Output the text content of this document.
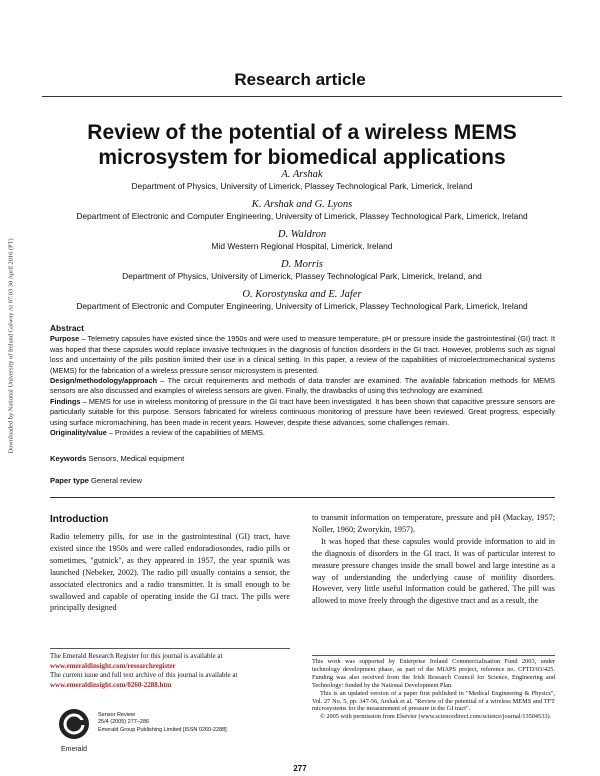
Research article
Review of the potential of a wireless MEMS
microsystem for biomedical applications
A. Arshak
Department of Physics, University of Limerick, Plassey Technological Park, Limerick, Ireland
K. Arshak and G. Lyons
Department of Electronic and Computer Engineering, University of Limerick, Plassey Technological Park, Limerick, Ireland
D. Waldron
Mid Western Regional Hospital, Limerick, Ireland
D. Morris
Department of Physics, University of Limerick, Plassey Technological Park, Limerick, Ireland, and
O. Korostynska and E. Jafer
Department of Electronic and Computer Engineering, University of Limerick, Plassey Technological Park, Limerick, Ireland
Abstract

Purpose – Telemetry capsules have existed since the 1950s and were used to measure temperature, pH or pressure inside the gastrointestinal (GI) tract. It was hoped that these capsules would replace invasive techniques in the diagnosis of function disorders in the GI tract. However, problems such as signal loss and uncertainty of the pills position limited their use in a clinical setting. In this paper, a review of the capabilities of microelectromechanical systems (MEMS) for the fabrication of a wireless pressure sensor microsystem is presented.

Design/methodology/approach – The circuit requirements and methods of data transfer are examined. The available fabrication methods for MEMS sensors are also discussed and examples of wireless sensors are given. Finally, the drawbacks of using this technology are examined.

Findings – MEMS for use in wireless monitoring of pressure in the GI tract have been investigated. It has been shown that capacitive pressure sensors are particularly suitable for this purpose. Sensors fabricated for wireless continuous monitoring of pressure have been reviewed. Great progress, especially using surface micromachining, has been made in recent years. However, despite these advances, some challenges remain.

Originality/value – Provides a review of the capabilities of MEMS.

Keywords Sensors, Medical equipment
Paper type General review
Downloaded by National University of Ireland Galway At 07:03 30 April 2016 (PT)
Introduction

Radio telemetry pills, for use in the gastrointestinal (GI) tract, have existed since the 1950s and were called endoradiosondes, radio pills or sometimes, "gutnick", as they appeared in 1957, the year sputnik was launched (Nebeker, 2002). The radio pill usually contains a sensor, the associated electronics and a radio transmitter. It is small enough to be swallowed and capable of operating inside the GI tract. The pills were principally designed

to transmit information on temperature, pressure and pH (Mackay, 1957; Noller, 1960; Zworykin, 1957).

It was hoped that these capsules would provide information to aid in the diagnosis of disorders in the GI tract. It was of particular interest to measure pressure changes inside the small bowel and large intestine as a way of understanding the underlying cause of motility disorders. However, very little useful information could be gathered. The pill was allowed to move freely through the digestive tract and as a result, the

The Emerald Research Register for this journal is available at
www.emeraldinsight.com/researchregister
The current issue and full text archive of this journal is available at
www.emeraldinsight.com/0260-2288.htm

This work was supported by Enterprise Ireland Commercialisation Fund 2003, under technology development phase, as part of the MIAPS project, reference no. CFTD/03/425. Funding was also received from the Irish Research Council for Science, Engineering and Technology: funded by the National Development Plan.

This is an updated version of a paper first published in "Medical Engineering & Physics", Vol. 27 No. 5, pp. 347-56, Arshak et al. "Review of the potential of a wireless MEMS and TFT microsystems for the measurement of pressure in the GI tract".

© 2005 with permission from Elsevier (www.sciencedirect.com/science/journal/13504533).

Emerald
Sensor Review
25/4 (2005) 277–286
Emerald Group Publishing Limited [ISSN 0260-2288]
277
